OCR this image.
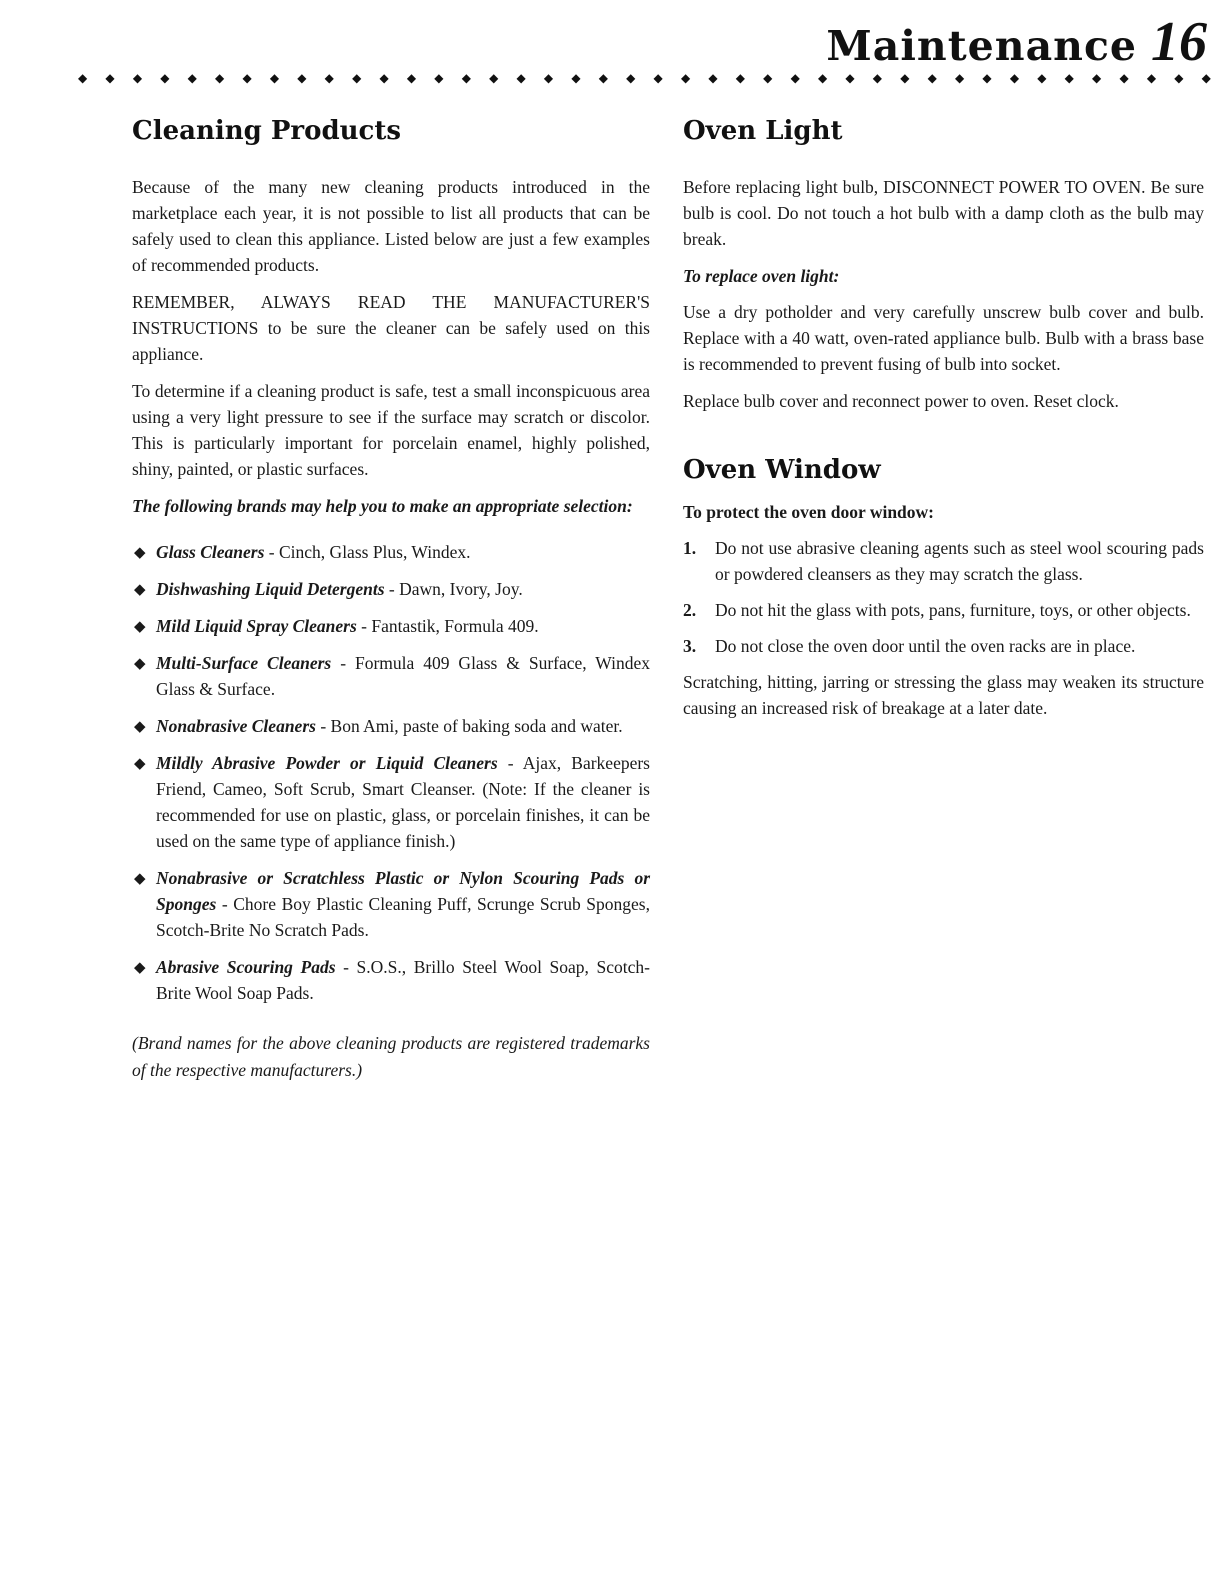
Maintenance 16
◆ ◆ ◆ ◆ ◆ ◆ ◆ ◆ ◆ ◆ ◆ ◆ ◆ ◆ ◆ ◆ ◆ ◆ ◆ ◆ ◆ ◆ ◆ ◆ ◆ ◆ ◆ ◆ ◆ ◆ ◆ ◆ ◆ ◆ ◆ ◆ ◆ ◆ ◆ ◆ ◆ ◆
Cleaning Products

Because of the many new cleaning products introduced in the marketplace each year, it is not possible to list all products that can be safely used to clean this appliance. Listed below are just a few examples of recommended products.

REMEMBER, ALWAYS READ THE MANUFACTURER'S INSTRUCTIONS to be sure the cleaner can be safely used on this appliance.

To determine if a cleaning product is safe, test a small inconspicuous area using a very light pressure to see if the surface may scratch or discolor. This is particularly important for porcelain enamel, highly polished, shiny, painted, or plastic surfaces.

The following brands may help you to make an appropriate selection:

◆ Glass Cleaners - Cinch, Glass Plus, Windex.
◆ Dishwashing Liquid Detergents - Dawn, Ivory, Joy.
◆ Mild Liquid Spray Cleaners - Fantastik, Formula 409.
◆ Multi-Surface Cleaners - Formula 409 Glass & Surface, Windex Glass & Surface.
◆ Nonabrasive Cleaners - Bon Ami, paste of baking soda and water.
◆ Mildly Abrasive Powder or Liquid Cleaners - Ajax, Barkeepers Friend, Cameo, Soft Scrub, Smart Cleanser. (Note: If the cleaner is recommended for use on plastic, glass, or porcelain finishes, it can be used on the same type of appliance finish.)
◆ Nonabrasive or Scratchless Plastic or Nylon Scouring Pads or Sponges - Chore Boy Plastic Cleaning Puff, Scrunge Scrub Sponges, Scotch-Brite No Scratch Pads.
◆ Abrasive Scouring Pads - S.O.S., Brillo Steel Wool Soap, Scotch-Brite Wool Soap Pads.

(Brand names for the above cleaning products are registered trademarks of the respective manufacturers.)

Oven Light

Before replacing light bulb, DISCONNECT POWER TO OVEN. Be sure bulb is cool. Do not touch a hot bulb with a damp cloth as the bulb may break.

To replace oven light:

Use a dry potholder and very carefully unscrew bulb cover and bulb. Replace with a 40 watt, oven-rated appliance bulb. Bulb with a brass base is recommended to prevent fusing of bulb into socket.

Replace bulb cover and reconnect power to oven. Reset clock.

Oven Window
To protect the oven door window:
1. Do not use abrasive cleaning agents such as steel wool scouring pads or powdered cleansers as they may scratch the glass.
2. Do not hit the glass with pots, pans, furniture, toys, or other objects.
3. Do not close the oven door until the oven racks are in place.

Scratching, hitting, jarring or stressing the glass may weaken its structure causing an increased risk of breakage at a later date.
